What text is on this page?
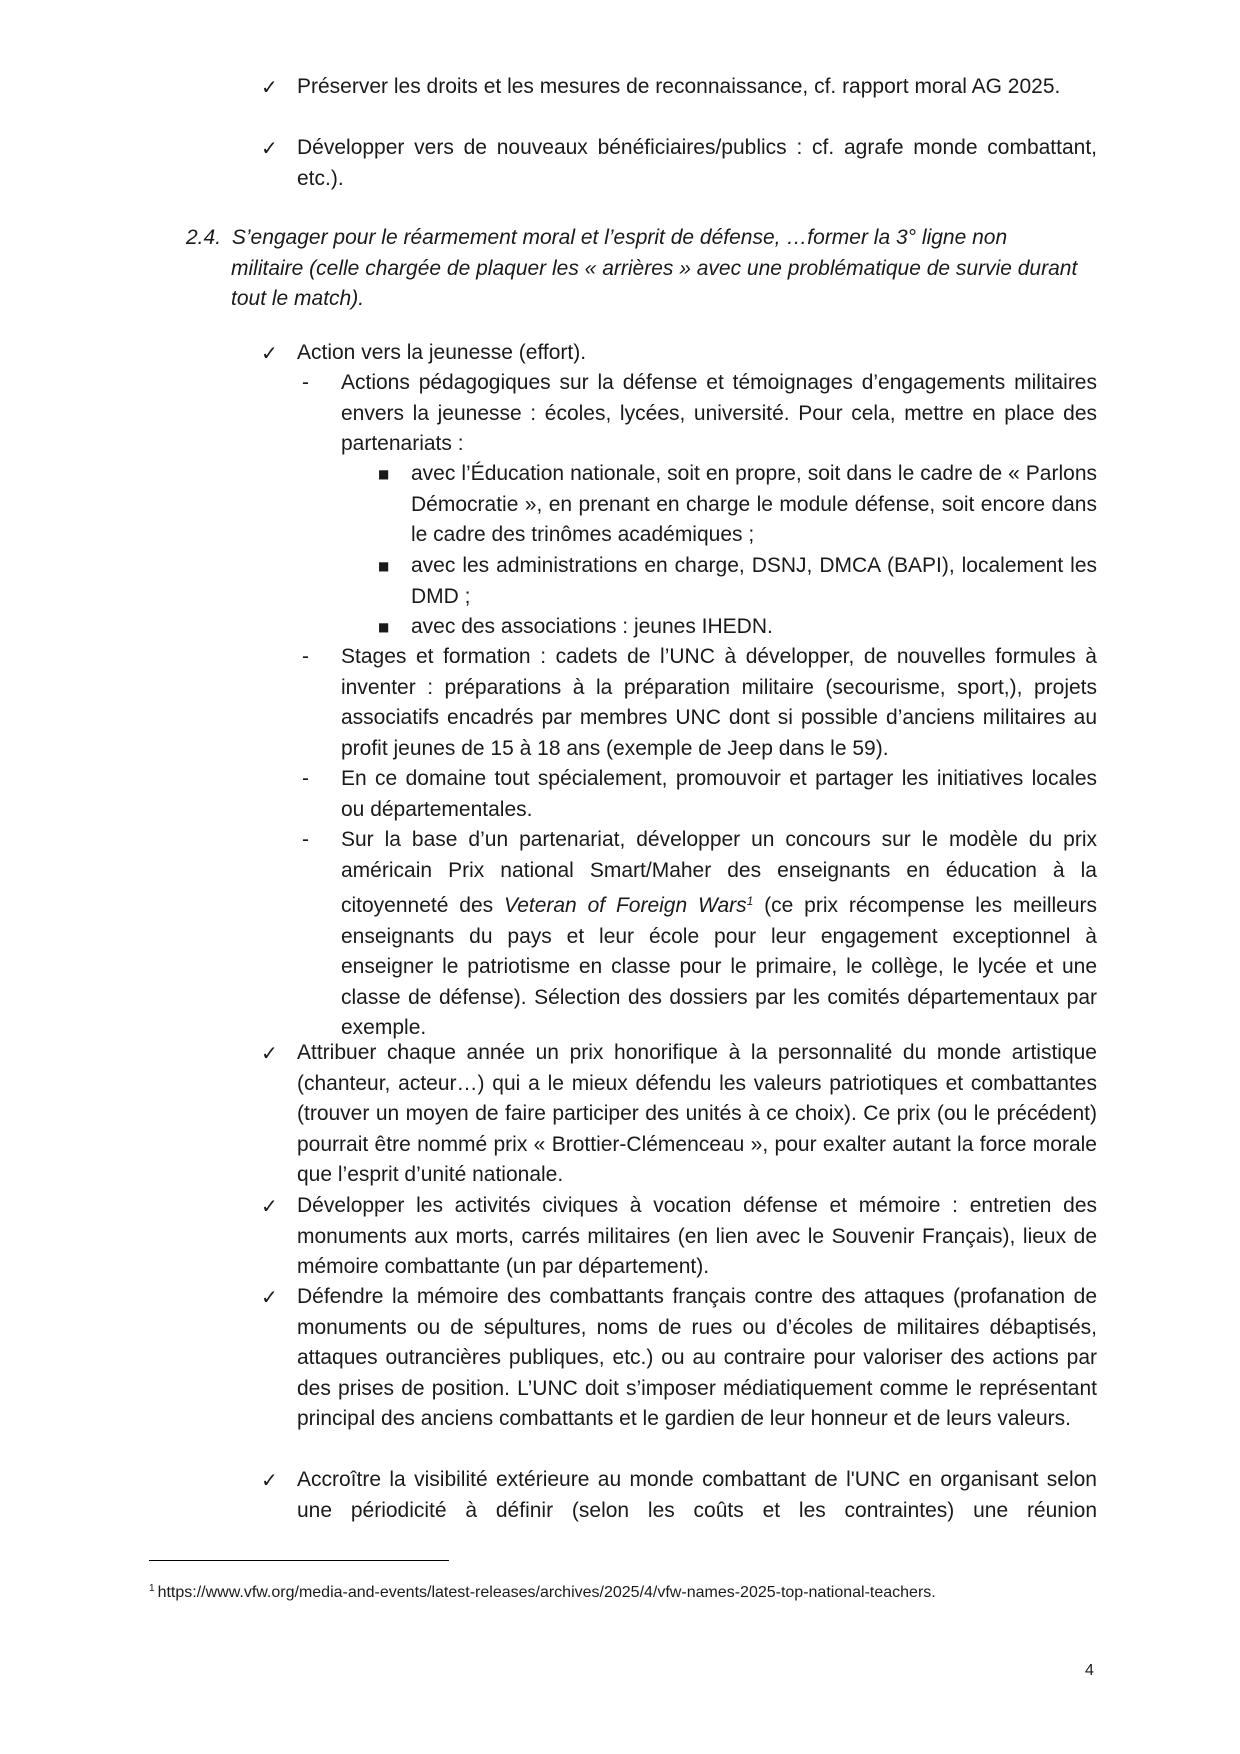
✓ Préserver les droits et les mesures de reconnaissance, cf. rapport moral AG 2025.
✓ Développer vers de nouveaux bénéficiaires/publics : cf. agrafe monde combattant, etc.).
2.4. S’engager pour le réarmement moral et l’esprit de défense, …former la 3° ligne non
militaire (celle chargée de plaquer les « arrières » avec une problématique de survie durant tout le match).
✓ Action vers la jeunesse (effort).
- Actions pédagogiques sur la défense et témoignages d’engagements militaires envers la jeunesse : écoles, lycées, université. Pour cela, mettre en place des partenariats :
■ avec l’Éducation nationale, soit en propre, soit dans le cadre de « Parlons Démocratie », en prenant en charge le module défense, soit encore dans le cadre des trinômes académiques ;
■ avec les administrations en charge, DSNJ, DMCA (BAPI), localement les DMD ;
■ avec des associations : jeunes IHEDN.
- Stages et formation : cadets de l’UNC à développer, de nouvelles formules à inventer : préparations à la préparation militaire (secourisme, sport,), projets associatifs encadrés par membres UNC dont si possible d’anciens militaires au profit jeunes de 15 à 18 ans (exemple de Jeep dans le 59).
- En ce domaine tout spécialement, promouvoir et partager les initiatives locales ou départementales.
- Sur la base d’un partenariat, développer un concours sur le modèle du prix américain Prix national Smart/Maher des enseignants en éducation à la citoyenneté des Veteran of Foreign Wars$^1$ (ce prix récompense les meilleurs enseignants du pays et leur école pour leur engagement exceptionnel à enseigner le patriotisme en classe pour le primaire, le collège, le lycée et une classe de défense). Sélection des dossiers par les comités départementaux par exemple.
✓ Attribuer chaque année un prix honorifique à la personnalité du monde artistique (chanteur, acteur…) qui a le mieux défendu les valeurs patriotiques et combattantes (trouver un moyen de faire participer des unités à ce choix). Ce prix (ou le précédent) pourrait être nommé prix « Brottier-Clémenceau », pour exalter autant la force morale que l’esprit d’unité nationale.
✓ Développer les activités civiques à vocation défense et mémoire : entretien des monuments aux morts, carrés militaires (en lien avec le Souvenir Français), lieux de mémoire combattante (un par département).
✓ Défendre la mémoire des combattants français contre des attaques (profanation de monuments ou de sépultures, noms de rues ou d’écoles de militaires débaptisés, attaques outrancières publiques, etc.) ou au contraire pour valoriser des actions par des prises de position. L’UNC doit s’imposer médiatiquement comme le représentant principal des anciens combattants et le gardien de leur honneur et de leurs valeurs.
✓ Accroître la visibilité extérieure au monde combattant de l'UNC en organisant selon une périodicité à définir (selon les coûts et les contraintes) une réunion
$^1$ https://www.vfw.org/media-and-events/latest-releases/archives/2025/4/vfw-names-2025-top-national-teachers.
4
